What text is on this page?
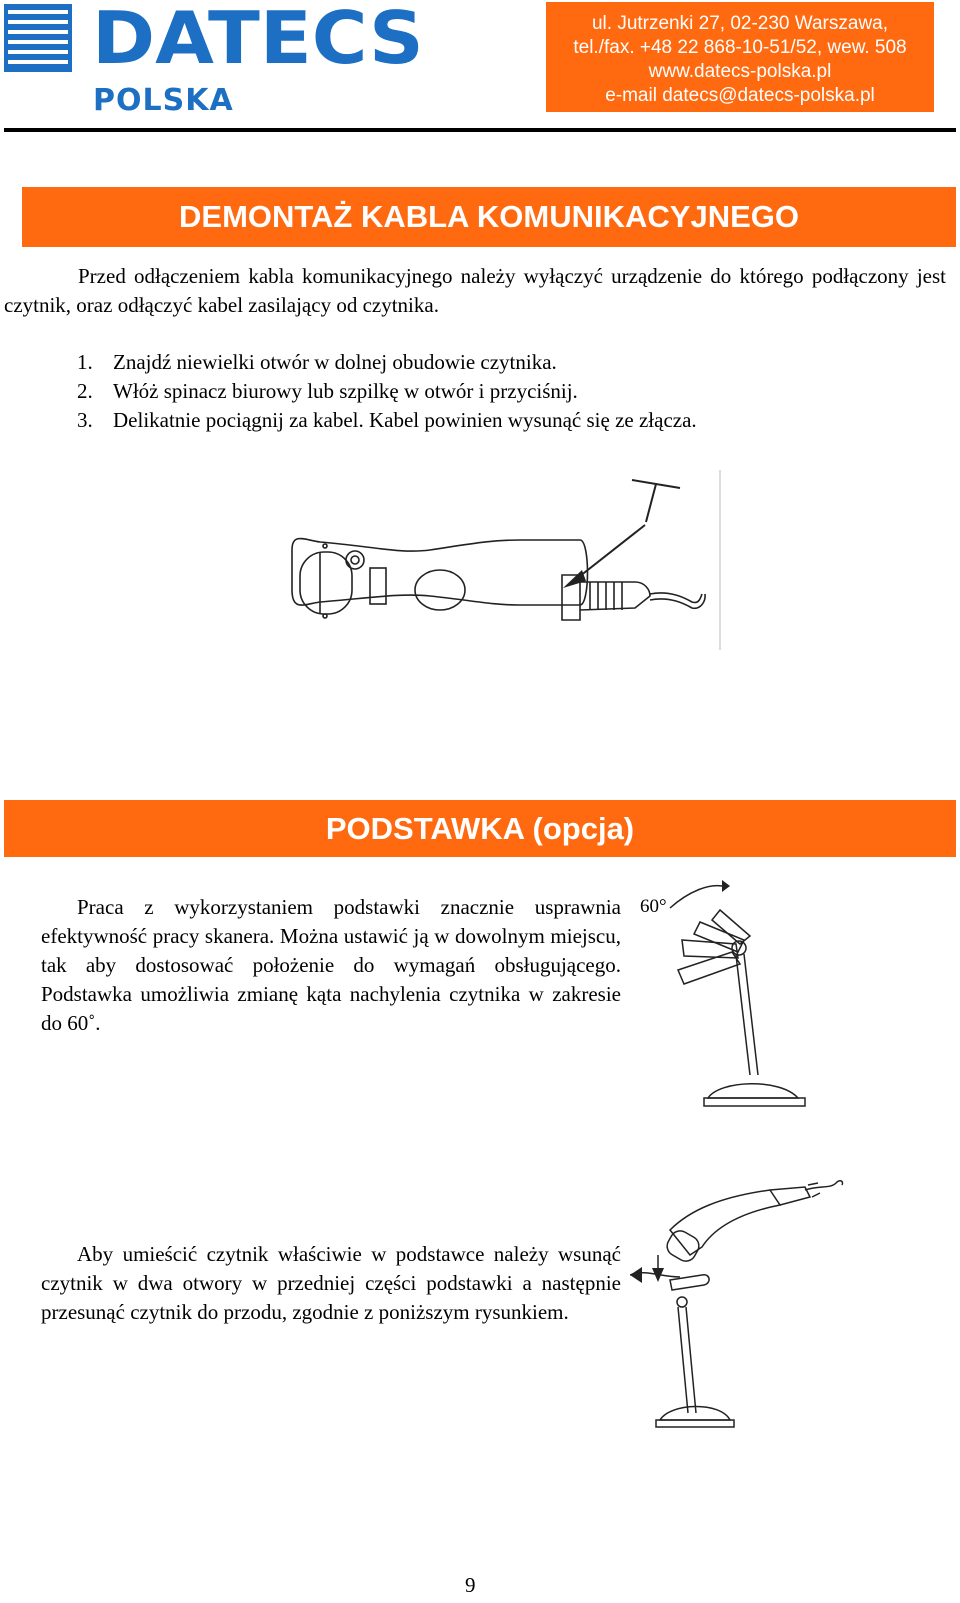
DATECS
POLSKA
ul. Jutrzenki 27, 02-230 Warszawa,
tel./fax. +48 22 868-10-51/52, wew. 508
www.datecs-polska.pl
e-mail datecs@datecs-polska.pl
DEMONTAŻ KABLA KOMUNIKACYJNEGO
Przed odłączeniem kabla komunikacyjnego należy wyłączyć urządzenie do którego podłączony jest czytnik, oraz odłączyć kabel zasilający od czytnika.
1. Znajdź niewielki otwór w dolnej obudowie czytnika.
2. Włóż spinacz biurowy lub szpilkę w otwór i przyciśnij.
3. Delikatnie pociągnij za kabel. Kabel powinien wysunąć się ze złącza.
PODSTAWKA (opcja)
Praca z wykorzystaniem podstawki znacznie usprawnia efektywność pracy skanera. Można ustawić ją w dowolnym miejscu, tak aby dostosować położenie do wymagań obsługującego. Podstawka umożliwia zmianę kąta nachylenia czytnika w zakresie do 60˚.
60°
Aby umieścić czytnik właściwie w podstawce należy wsunąć czytnik w dwa otwory w przedniej części podstawki a następnie przesunąć czytnik do przodu, zgodnie z poniższym rysunkiem.
9
